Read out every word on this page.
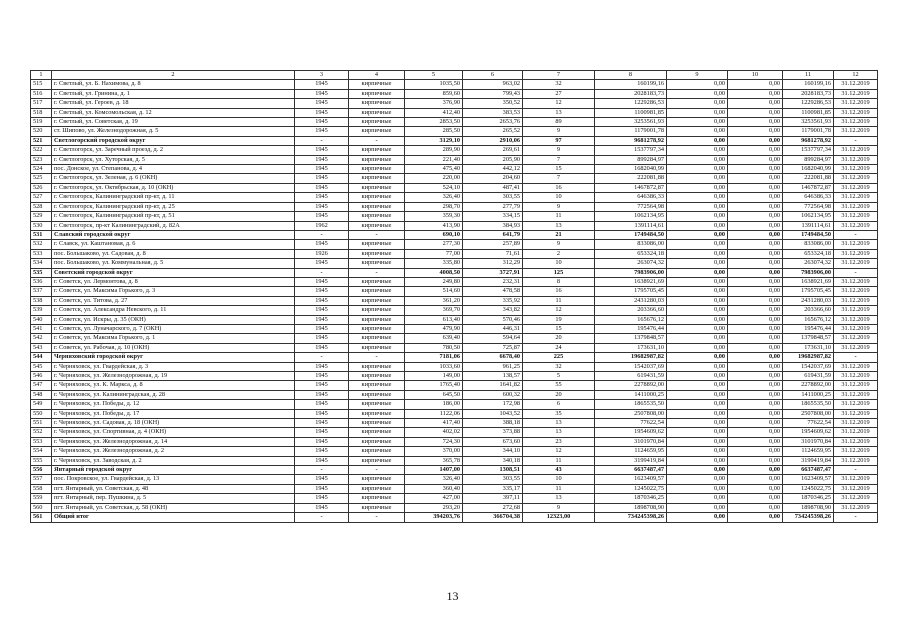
1	2	3	4	5	6	7	8	9	10	11	12
515	г. Светлый, ул. Б. Нахимова, д. 8	1945	кирпичные	1035,50	963,02	32	160199,16	0,00	0,00	160199,16	31.12.2019
516	г. Светлый, ул. Гринина, д. 1	1945	кирпичные	859,60	799,43	27	2028183,73	0,00	0,00	2028183,73	31.12.2019
517	г. Светлый, ул. Героев, д. 18	1945	кирпичные	376,90	350,52	12	1229286,53	0,00	0,00	1229286,53	31.12.2019
518	г. Светлый, ул. Комсомольская, д. 12	1945	кирпичные	412,40	383,53	13	1100981,85	0,00	0,00	1100981,85	31.12.2019
519	г. Светлый, ул. Советская, д. 19	1945	кирпичные	2853,50	2653,76	89	3253561,93	0,00	0,00	3253561,93	31.12.2019
520	ст. Шипово, ул. Железнодорожная, д. 5	1945	кирпичные	285,50	265,52	9	1179001,78	0,00	0,00	1179001,78	31.12.2019
521	Светлогорский городской округ	-	-	3129,10	2910,06	97	9681278,92	0,00	0,00	9681278,92	-
522	г. Светлогорск, ул. Заречный проезд, д. 2	1945	кирпичные	289,90	269,61	9	1537797,34	0,00	0,00	1537797,34	31.12.2019
523	г. Светлогорск, ул. Хуторская, д. 5	1945	кирпичные	221,40	205,90	7	899284,97	0,00	0,00	899284,97	31.12.2019
524	пос. Донское, ул. Степанова, д. 4	1945	кирпичные	475,40	442,12	15	1682040,99	0,00	0,00	1682040,99	31.12.2019
525	г. Светлогорск, ул. Зеленая, д. 6 (ОКН)	1945	кирпичные	220,00	204,60	7	222081,88	0,00	0,00	222081,88	31.12.2019
526	г. Светлогорск, ул. Октябрьская, д. 10 (ОКН)	1945	кирпичные	524,10	487,41	16	1467872,87	0,00	0,00	1467872,87	31.12.2019
527	г. Светлогорск, Калининградский пр-кт, д. 11	1945	кирпичные	326,40	303,55	10	646386,33	0,00	0,00	646386,33	31.12.2019
528	г. Светлогорск, Калининградский пр-кт, д. 25	1945	кирпичные	298,70	277,79	9	772564,98	0,00	0,00	772564,98	31.12.2019
529	г. Светлогорск, Калининградский пр-кт, д. 51	1945	кирпичные	359,30	334,15	11	1062134,95	0,00	0,00	1062134,95	31.12.2019
530	г. Светлогорск, пр-кт Калининградский, д. 82А	1962	кирпичные	413,90	384,93	13	1391114,61	0,00	0,00	1391114,61	31.12.2019
531	Славский городской округ	-	-	690,10	641,79	21	1749484,50	0,00	0,00	1749484,50	-
532	г. Славск, ул. Каштановая, д. 6	1945	кирпичные	277,30	257,89	9	833086,00	0,00	0,00	833086,00	31.12.2019
533	пос. Большаково, ул. Садовая, д. 8	1926	кирпичные	77,00	71,61	2	653324,18	0,00	0,00	653324,18	31.12.2019
534	пос. Большаково, ул. Коммунальная, д. 5	1945	кирпичные	335,80	312,29	10	263074,32	0,00	0,00	263074,32	31.12.2019
535	Советский городской округ	-	-	4008,50	3727,91	125	7983906,00	0,00	0,00	7983906,00	-
536	г. Советск, ул. Лермонтова, д. 8	1945	кирпичные	249,80	232,31	8	1638921,69	0,00	0,00	1638921,69	31.12.2019
537	г. Советск, ул. Максима Горького, д. 3	1945	кирпичные	514,60	478,58	16	1795705,45	0,00	0,00	1795705,45	31.12.2019
538	г. Советск, ул. Титова, д. 27	1945	кирпичные	361,20	335,92	11	2431280,03	0,00	0,00	2431280,03	31.12.2019
539	г. Советск, ул. Александра Невского, д. 11	1945	кирпичные	369,70	343,82	12	203366,60	0,00	0,00	203366,60	31.12.2019
540	г. Советск, ул. Искры, д. 35 (ОКН)	1945	кирпичные	613,40	570,46	19	165676,12	0,00	0,00	165676,12	31.12.2019
541	г. Советск, ул. Луначарского, д. 7 (ОКН)	1945	кирпичные	479,90	446,31	15	195476,44	0,00	0,00	195476,44	31.12.2019
542	г. Советск, ул. Максима Горького, д. 1	1945	кирпичные	639,40	594,64	20	1379848,57	0,00	0,00	1379848,57	31.12.2019
543	г. Советск, ул. Рабочая, д. 10 (ОКН)	1945	кирпичные	780,50	725,87	24	173631,10	0,00	0,00	173631,10	31.12.2019
544	Черняховский городской округ	-	-	7181,06	6678,40	225	19682987,82	0,00	0,00	19682987,82	-
545	г. Черняховск, ул. Гвардейская, д. 3	1945	кирпичные	1033,60	961,25	32	1542037,69	0,00	0,00	1542037,69	31.12.2019
546	г. Черняховск, ул. Железнодорожная, д. 19	1945	кирпичные	149,00	138,57	5	619431,59	0,00	0,00	619431,59	31.12.2019
547	г. Черняховск, ул. К. Маркса, д. 8	1945	кирпичные	1765,40	1641,82	55	2278892,00	0,00	0,00	2278892,00	31.12.2019
548	г. Черняховск, ул. Калининградская, д. 28	1945	кирпичные	645,50	600,32	20	1411000,25	0,00	0,00	1411000,25	31.12.2019
549	г. Черняховск, ул. Победы, д. 12	1945	кирпичные	186,00	172,98	6	1865535,50	0,00	0,00	1865535,50	31.12.2019
550	г. Черняховск, ул. Победы, д. 17	1945	кирпичные	1122,06	1043,52	35	2507808,00	0,00	0,00	2507808,00	31.12.2019
551	г. Черняховск, ул. Садовая, д. 18 (ОКН)	1945	кирпичные	417,40	388,18	13	77622,54	0,00	0,00	77622,54	31.12.2019
552	г. Черняховск, ул. Спортивная, д. 4 (ОКН)	1945	кирпичные	402,02	373,88	13	1954609,62	0,00	0,00	1954609,62	31.12.2019
553	г. Черняховск, ул. Железнодорожная, д. 14	1945	кирпичные	724,30	673,60	23	3101970,84	0,00	0,00	3101970,84	31.12.2019
554	г. Черняховск, ул. Железнодорожная, д. 2	1945	кирпичные	370,00	344,10	12	1124659,95	0,00	0,00	1124659,95	31.12.2019
555	г. Черняховск, ул. Заводская, д. 2	1945	кирпичные	365,78	340,18	11	3199419,84	0,00	0,00	3199419,84	31.12.2019
556	Янтарный городской округ	-	-	1407,00	1308,51	43	6637487,47	0,00	0,00	6637487,47	-
557	пос. Покровское, ул. Гвардейская, д. 13	1945	кирпичные	326,40	303,55	10	1623409,57	0,00	0,00	1623409,57	31.12.2019
558	пгт. Янтарный, ул. Советская, д. 48	1945	кирпичные	360,40	335,17	11	1245022,75	0,00	0,00	1245022,75	31.12.2019
559	пгт. Янтарный, пер. Пушкина, д. 5	1945	кирпичные	427,00	397,11	13	1870346,25	0,00	0,00	1870346,25	31.12.2019
560	пгт. Янтарный, ул. Советская, д. 58 (ОКН)	1945	кирпичные	293,20	272,68	9	1898708,90	0,00	0,00	1898708,90	31.12.2019
561	Общий итог	-	-	394203,76	366704,38	12323,00	734245398,26	0,00	0,00	734245398,26	-
13
